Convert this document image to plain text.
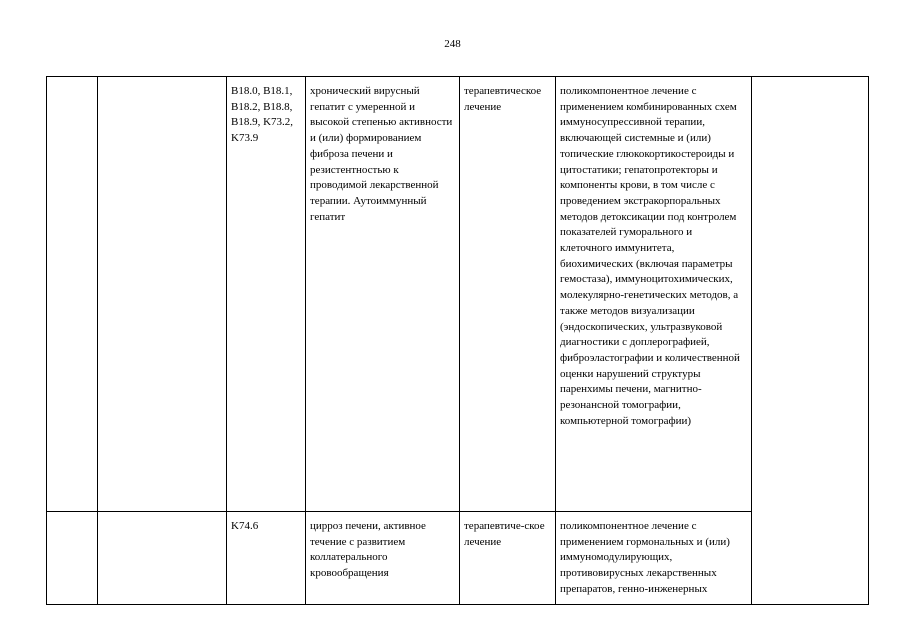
248

		B18.0, B18.1, B18.2, B18.8, B18.9, K73.2, K73.9	хронический вирусный гепатит с умеренной и высокой степенью активности и (или) формированием фиброза печени и резистентностью к проводимой лекарственной терапии. Аутоиммунный гепатит	терапевтическое лечение	поликомпонентное лечение с применением комбинированных схем иммуносупрессивной терапии, включающей системные и (или) топические глюкокортикостероиды и цитостатики; гепатопротекторы и компоненты крови, в том числе с проведением экстракорпоральных методов детоксикации под контролем показателей гуморального и клеточного иммунитета, биохимических (включая параметры гемостаза), иммуноцитохимических, молекулярно-генетических методов, а также методов визуализации (эндоскопических, ультразвуковой диагностики с доплерографией, фиброэластографии и количественной оценки нарушений структуры паренхимы печени, магнитно-резонансной томографии, компьютерной томографии)	

		K74.6	цирроз печени, активное течение с развитием коллатерального кровообращения	терапевтиче-ское лечение	поликомпонентное лечение с применением гормональных и (или) иммуномодулирующих, противовирусных лекарственных препаратов, генно-инженерных	
